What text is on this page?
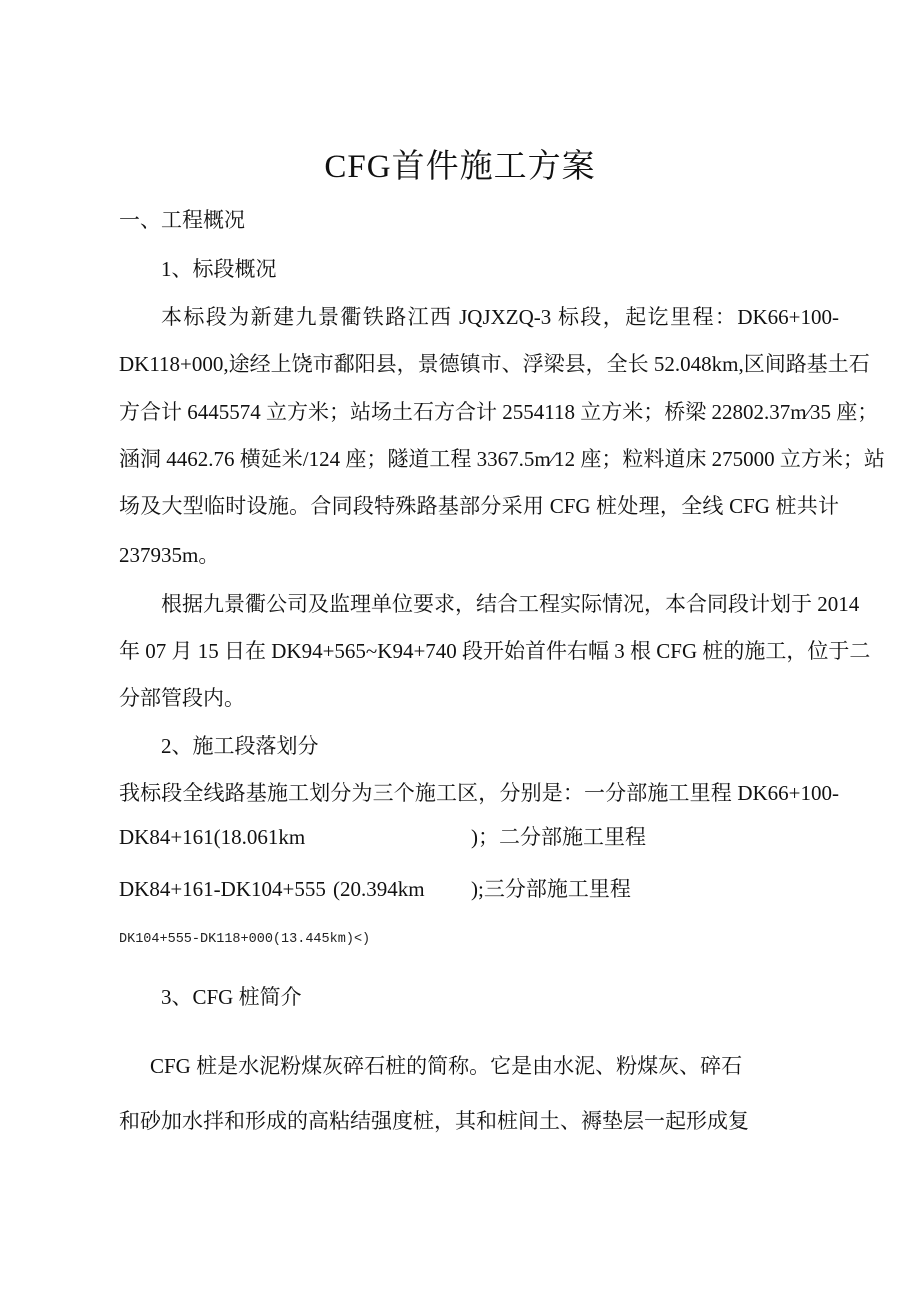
CFG首件施工方案
一、工程概况
1、标段概况
本标段为新建九景衢铁路江西 JQJXZQ-3 标段，起讫里程：DK66+100-
DK118+000,途经上饶市鄱阳县，景德镇市、浮梁县，全长 52.048km,区间路基土石
方合计 6445574 立方米；站场土石方合计 2554118 立方米；桥梁 22802.37m∕35 座；
涵洞 4462.76 横延米/124 座；隧道工程 3367.5m∕12 座；粒料道床 275000 立方米；站
场及大型临时设施。合同段特殊路基部分采用 CFG 桩处理，全线 CFG 桩共计
237935m。
根据九景衢公司及监理单位要求，结合工程实际情况，本合同段计划于 2014
年 07 月 15 日在 DK94+565~K94+740 段开始首件右幅 3 根 CFG 桩的施工，位于二
分部管段内。
2、施工段落划分
我标段全线路基施工划分为三个施工区，分别是：一分部施工里程 DK66+100-
DK84+161(18.061km	)；二分部施工里程
DK84+161-DK104+555 (20.394km );三分部施工里程
DK104+555-DK118+000(13.445km)<)
3、CFG 桩简介
CFG 桩是水泥粉煤灰碎石桩的简称。它是由水泥、粉煤灰、碎石
和砂加水拌和形成的高粘结强度桩，其和桩间土、褥垫层一起形成复
